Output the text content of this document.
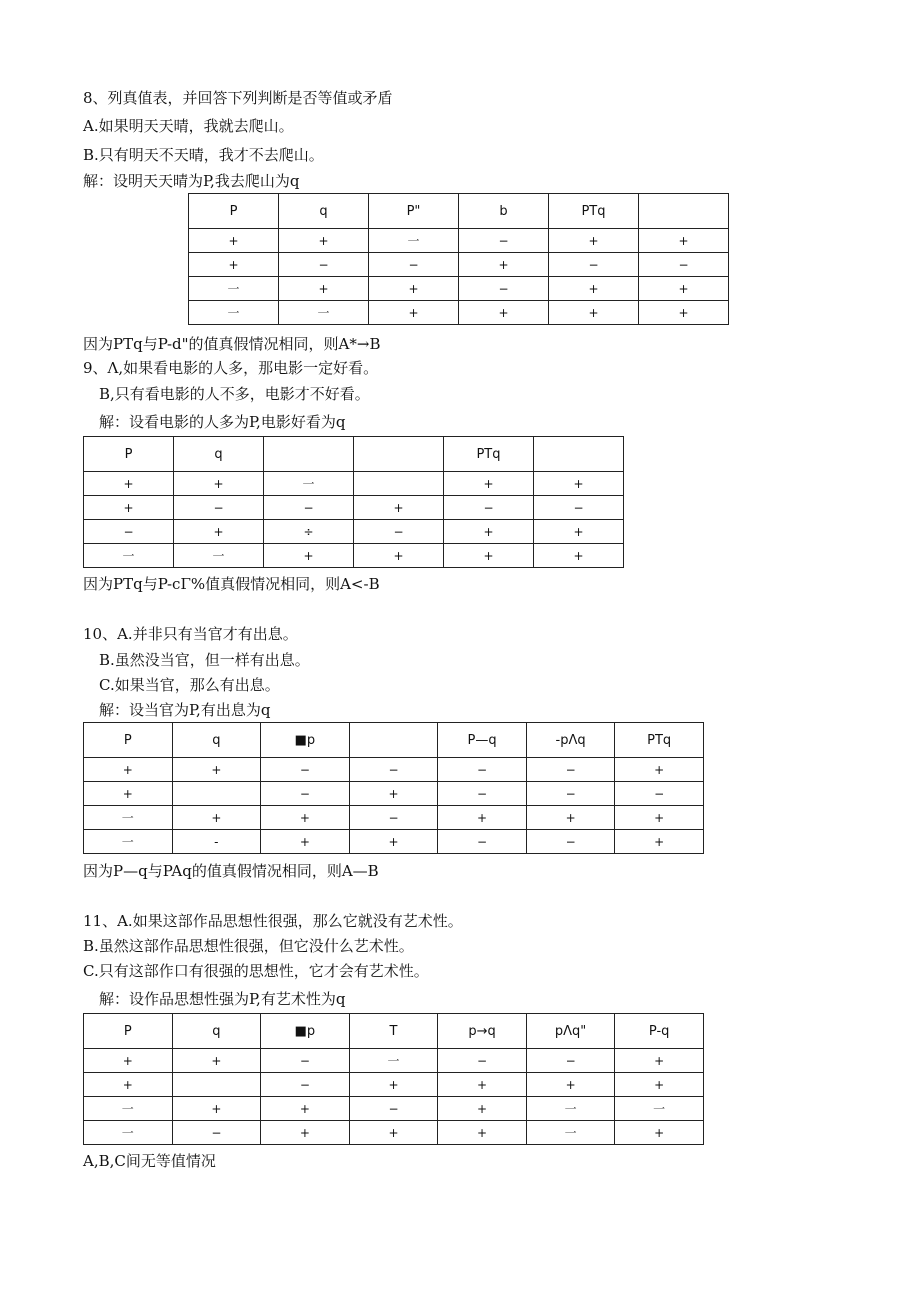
8、列真值表，并回答下列判断是否等值或矛盾
A.如果明天天晴，我就去爬山。
B.只有明天不天晴，我才不去爬山。
解：设明天天晴为P,我去爬山为q
P	q	P"	b	PTq	
+	+	一	−	+	+
+	−	−	+	−	−
一	+	+	−	+	+
一	一	+	+	+	+
因为PTq与P-d"的值真假情况相同，则A*→B
9、Λ,如果看电影的人多，那电影一定好看。
B,只有看电影的人不多，电影才不好看。
解：设看电影的人多为P,电影好看为q
P	q			PTq	
+	+	一		+	+
+	−	−	+	−	−
−	+	÷	−	+	+
一	一	+	+	+	+
因为PTq与P-cΓ%值真假情况相同，则A<-B
10、A.并非只有当官才有出息。
B.虽然没当官，但一样有出息。
C.如果当官，那么有出息。
解：设当官为P,有出息为q
P	q	■p		P—q	-pΛq	PTq
+	+	−	−	−	−	+
+		−	+	−	−	−
一	+	+	−	+	+	+
一	-	+	+	−	−	+
因为P—q与PAq的值真假情况相同，则A—B
11、A.如果这部作品思想性很强，那么它就没有艺术性。
B.虽然这部作品思想性很强，但它没什么艺术性。
C.只有这部作口有很强的思想性，它才会有艺术性。
解：设作品思想性强为P,有艺术性为q
P	q	■p	T	p→q	pΛq"	P-q
+	+	−	一	−	−	+
+		−	+	+	+	+
一	+	+	−	+	一	一
一	−	+	+	+	一	+
A,B,C间无等值情况
